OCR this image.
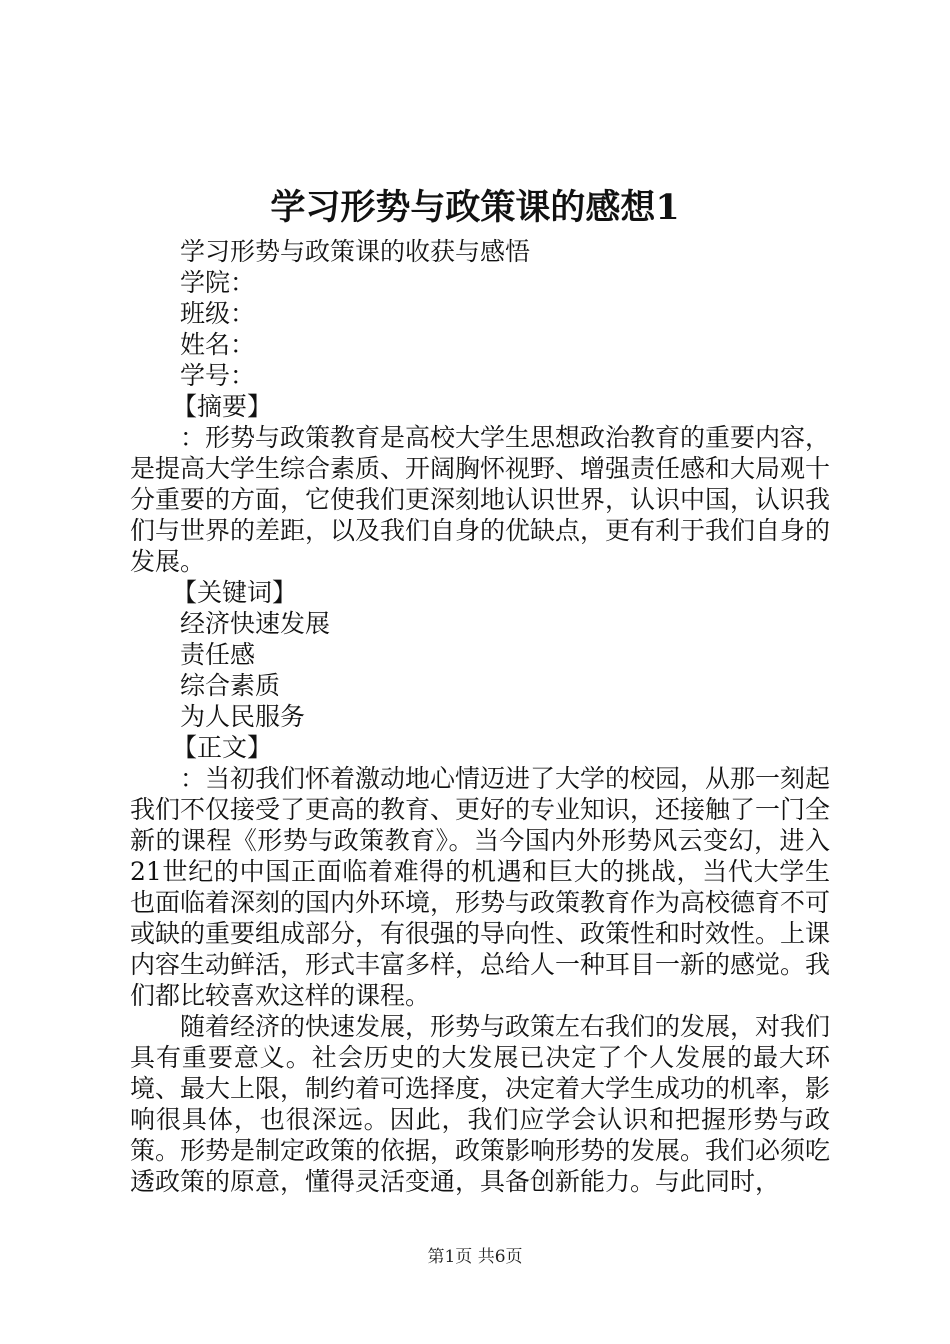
学习形势与政策课的感想1
学习形势与政策课的收获与感悟
学院：
班级：
姓名：
学号：
【摘要】
：形势与政策教育是高校大学生思想政治教育的重要内容，是提高大学生综合素质、开阔胸怀视野、增强责任感和大局观十分重要的方面，它使我们更深刻地认识世界，认识中国，认识我们与世界的差距，以及我们自身的优缺点，更有利于我们自身的发展。
【关键词】
经济快速发展
责任感
综合素质
为人民服务
【正文】
：当初我们怀着激动地心情迈进了大学的校园，从那一刻起我们不仅接受了更高的教育、更好的专业知识，还接触了一门全新的课程《形势与政策教育》。当今国内外形势风云变幻，进入21世纪的中国正面临着难得的机遇和巨大的挑战，当代大学生也面临着深刻的国内外环境，形势与政策教育作为高校德育不可或缺的重要组成部分，有很强的导向性、政策性和时效性。上课内容生动鲜活，形式丰富多样，总给人一种耳目一新的感觉。我们都比较喜欢这样的课程。
随着经济的快速发展，形势与政策左右我们的发展，对我们具有重要意义。社会历史的大发展已决定了个人发展的最大环境、最大上限，制约着可选择度，决定着大学生成功的机率，影响很具体，也很深远。因此，我们应学会认识和把握形势与政策。形势是制定政策的依据，政策影响形势的发展。我们必须吃透政策的原意，懂得灵活变通，具备创新能力。与此同时，
第1页 共6页
